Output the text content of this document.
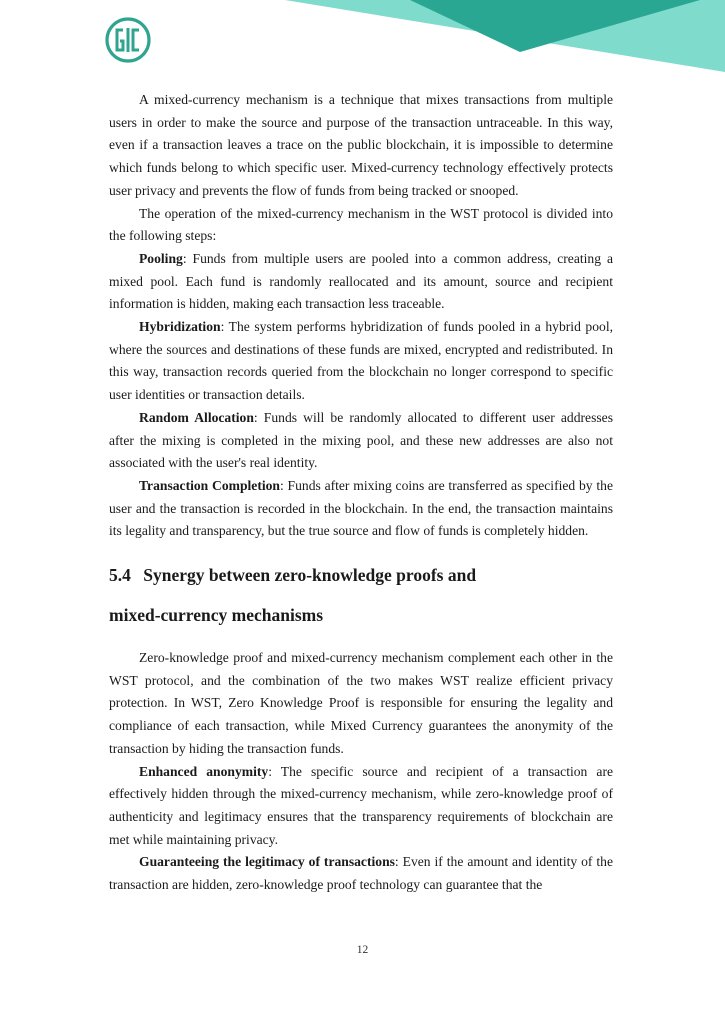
A mixed-currency mechanism is a technique that mixes transactions from multiple users in order to make the source and purpose of the transaction untraceable. In this way, even if a transaction leaves a trace on the public blockchain, it is impossible to determine which funds belong to which specific user. Mixed-currency technology effectively protects user privacy and prevents the flow of funds from being tracked or snooped.

The operation of the mixed-currency mechanism in the WST protocol is divided into the following steps:

Pooling: Funds from multiple users are pooled into a common address, creating a mixed pool. Each fund is randomly reallocated and its amount, source and recipient information is hidden, making each transaction less traceable.

Hybridization: The system performs hybridization of funds pooled in a hybrid pool, where the sources and destinations of these funds are mixed, encrypted and redistributed. In this way, transaction records queried from the blockchain no longer correspond to specific user identities or transaction details.

Random Allocation: Funds will be randomly allocated to different user addresses after the mixing is completed in the mixing pool, and these new addresses are also not associated with the user's real identity.

Transaction Completion: Funds after mixing coins are transferred as specified by the user and the transaction is recorded in the blockchain. In the end, the transaction maintains its legality and transparency, but the true source and flow of funds is completely hidden.

5.4 Synergy between zero-knowledge proofs and
mixed-currency mechanisms

Zero-knowledge proof and mixed-currency mechanism complement each other in the WST protocol, and the combination of the two makes WST realize efficient privacy protection. In WST, Zero Knowledge Proof is responsible for ensuring the legality and compliance of each transaction, while Mixed Currency guarantees the anonymity of the transaction by hiding the transaction funds.

Enhanced anonymity: The specific source and recipient of a transaction are effectively hidden through the mixed-currency mechanism, while zero-knowledge proof of authenticity and legitimacy ensures that the transparency requirements of blockchain are met while maintaining privacy.

Guaranteeing the legitimacy of transactions: Even if the amount and identity of the transaction are hidden, zero-knowledge proof technology can guarantee that the

12
